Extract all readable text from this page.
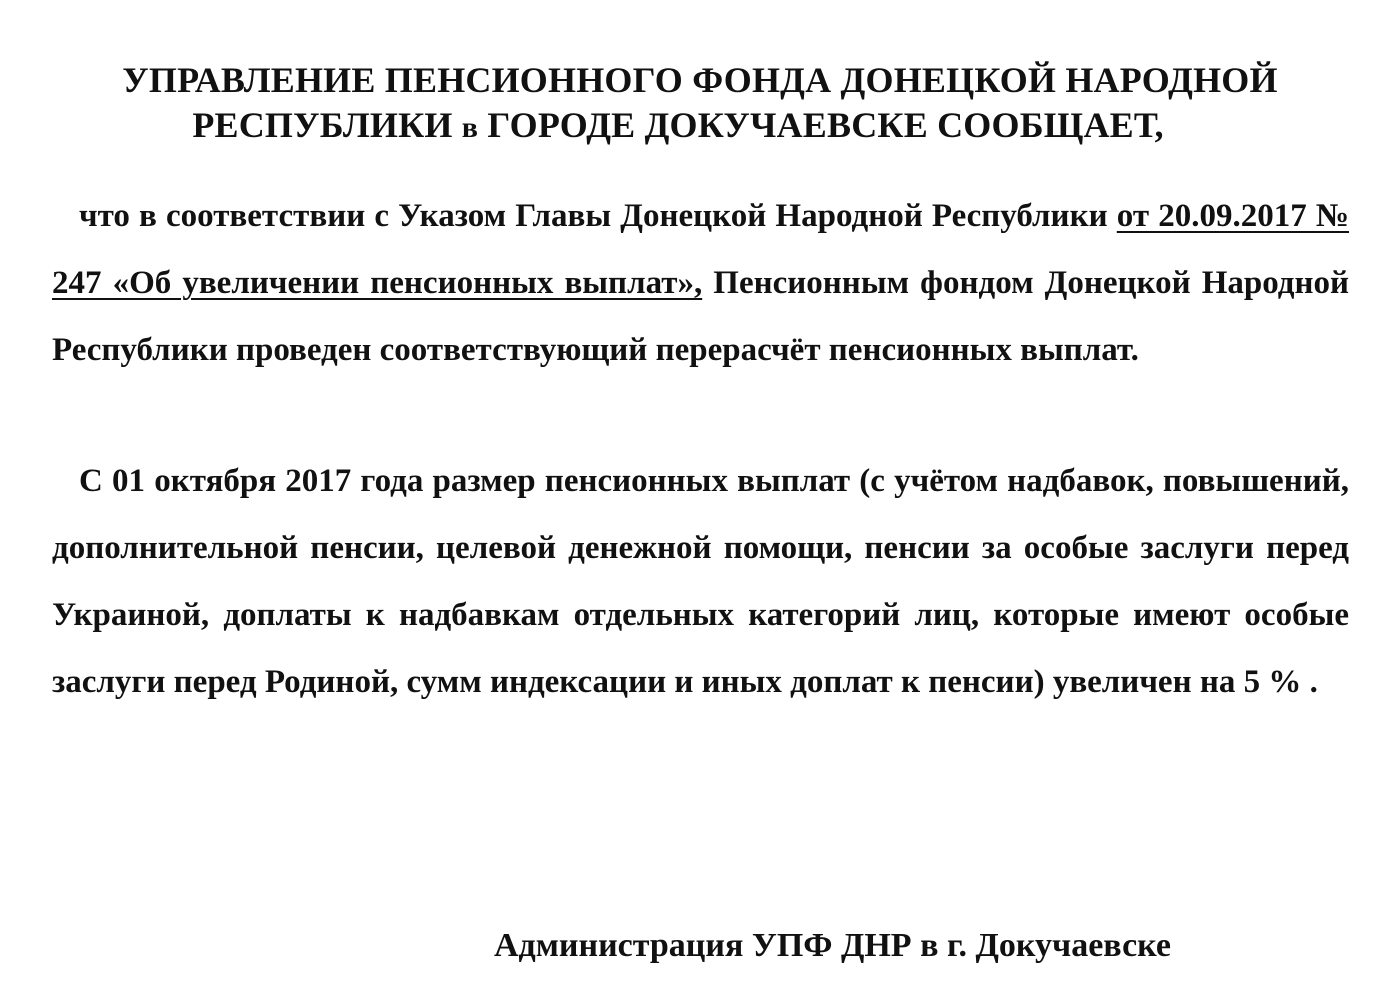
УПРАВЛЕНИЕ ПЕНСИОННОГО ФОНДА ДОНЕЦКОЙ НАРОДНОЙ
РЕСПУБЛИКИ в ГОРОДЕ ДОКУЧАЕВСКЕ СООБЩАЕТ,
что в соответствии с Указом Главы Донецкой Народной Республики от 20.09.2017 № 247 «Об увеличении пенсионных выплат», Пенсионным фондом Донецкой Народной Республики проведен соответствующий перерасчёт пенсионных выплат.
С 01 октября 2017 года размер пенсионных выплат (с учётом надбавок, повышений, дополнительной пенсии, целевой денежной помощи, пенсии за особые заслуги перед Украиной, доплаты к надбавкам отдельных категорий лиц, которые имеют особые заслуги перед Родиной, сумм индексации и иных доплат к пенсии) увеличен на 5 % .
Администрация УПФ ДНР в г. Докучаевске
